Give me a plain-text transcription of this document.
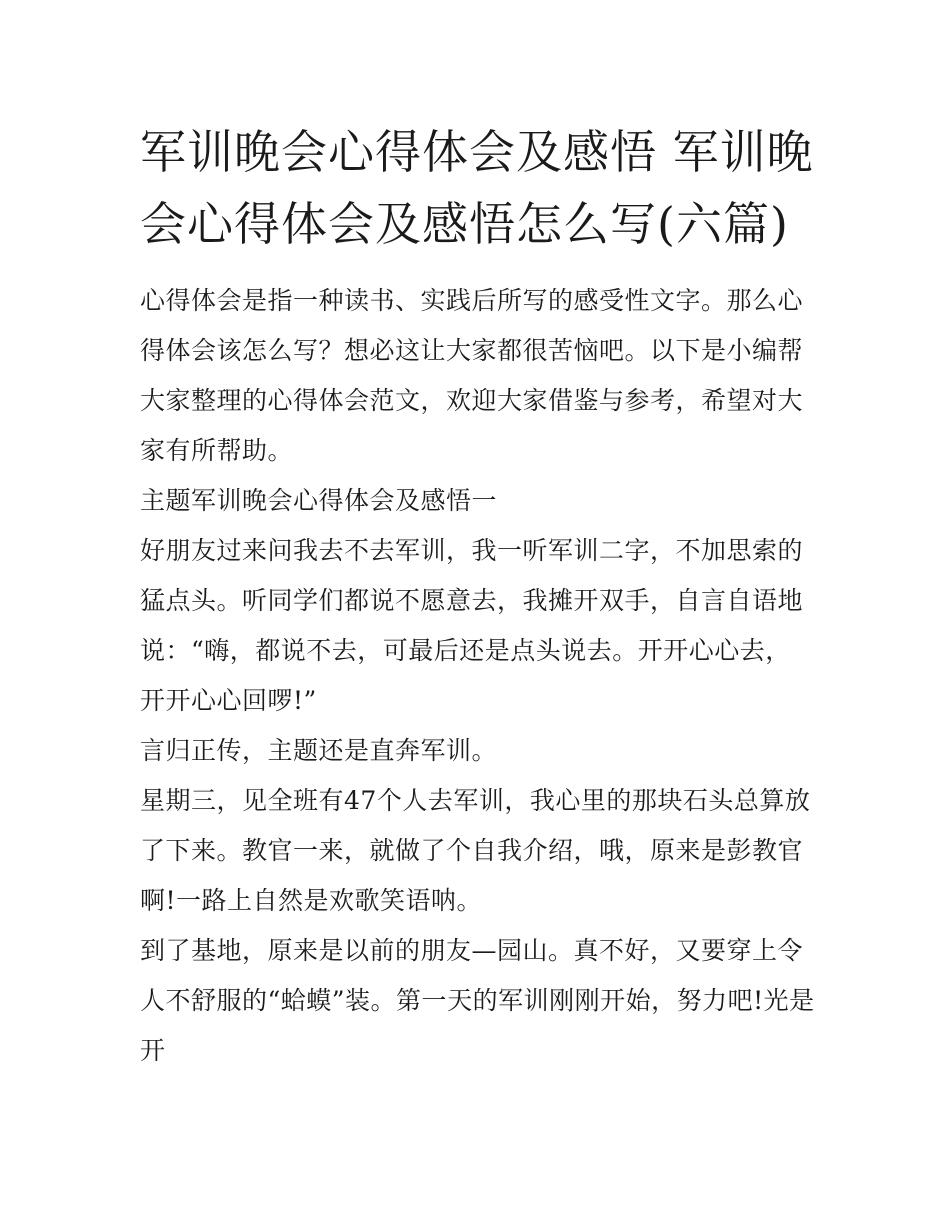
军训晚会心得体会及感悟 军训晚会心得体会及感悟怎么写(六篇)

心得体会是指一种读书、实践后所写的感受性文字。那么心得体会该怎么写？想必这让大家都很苦恼吧。以下是小编帮大家整理的心得体会范文，欢迎大家借鉴与参考，希望对大家有所帮助。

主题军训晚会心得体会及感悟一

好朋友过来问我去不去军训，我一听军训二字，不加思索的猛点头。听同学们都说不愿意去，我摊开双手，自言自语地说：“嗨，都说不去，可最后还是点头说去。开开心心去，开开心心回啰!”

言归正传，主题还是直奔军训。

星期三，见全班有47个人去军训，我心里的那块石头总算放了下来。教官一来，就做了个自我介绍，哦，原来是彭教官啊!一路上自然是欢歌笑语呐。

到了基地，原来是以前的朋友—园山。真不好，又要穿上令人不舒服的“蛤蟆”装。第一天的军训刚刚开始，努力吧!光是开
